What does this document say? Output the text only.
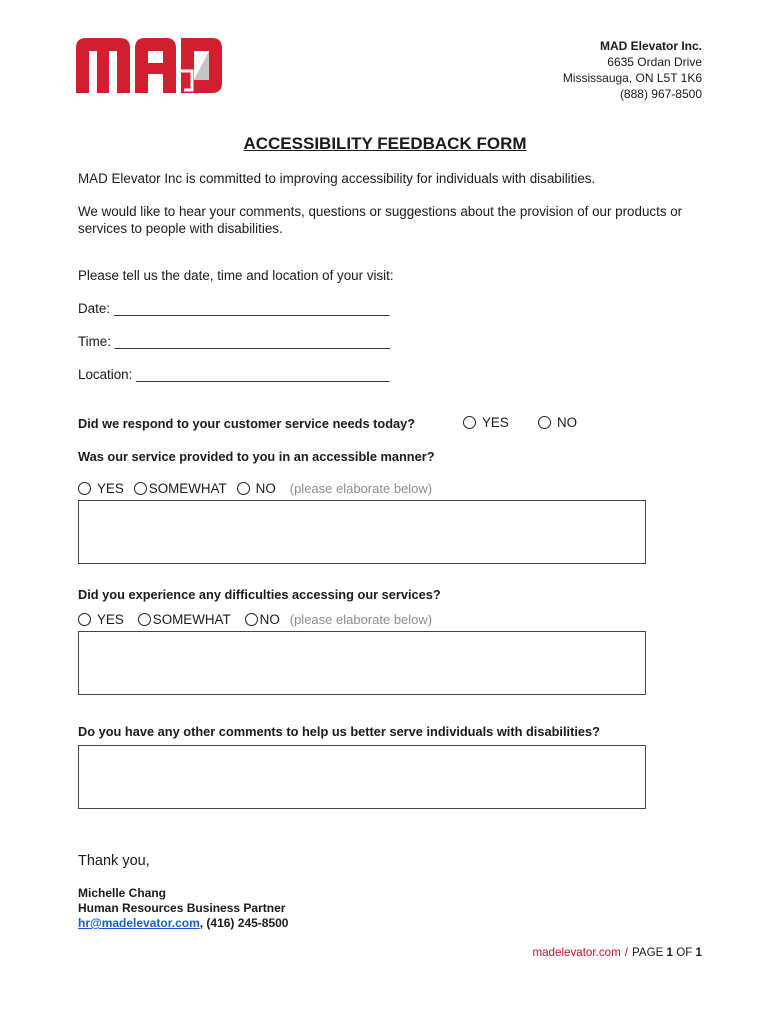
MAD Elevator Inc.
6635 Ordan Drive
Mississauga, ON L5T 1K6
(888) 967-8500
ACCESSIBILITY FEEDBACK FORM
MAD Elevator Inc is committed to improving accessibility for individuals with disabilities.
We would like to hear your comments, questions or suggestions about the provision of our products or services to people with disabilities.
Please tell us the date, time and location of your visit:
Date: _____________________________________
Time: _____________________________________
Location: __________________________________
Did we respond to your customer service needs today?	YES	NO
Was our service provided to you in an accessible manner?
YES SOMEWHAT NO (please elaborate below)
Did you experience any difficulties accessing our services?
YES SOMEWHAT NO (please elaborate below)
Do you have any other comments to help us better serve individuals with disabilities?
Thank you,
Michelle Chang
Human Resources Business Partner
hr@madelevator.com, (416) 245-8500
madelevator.com / PAGE 1 OF 1
